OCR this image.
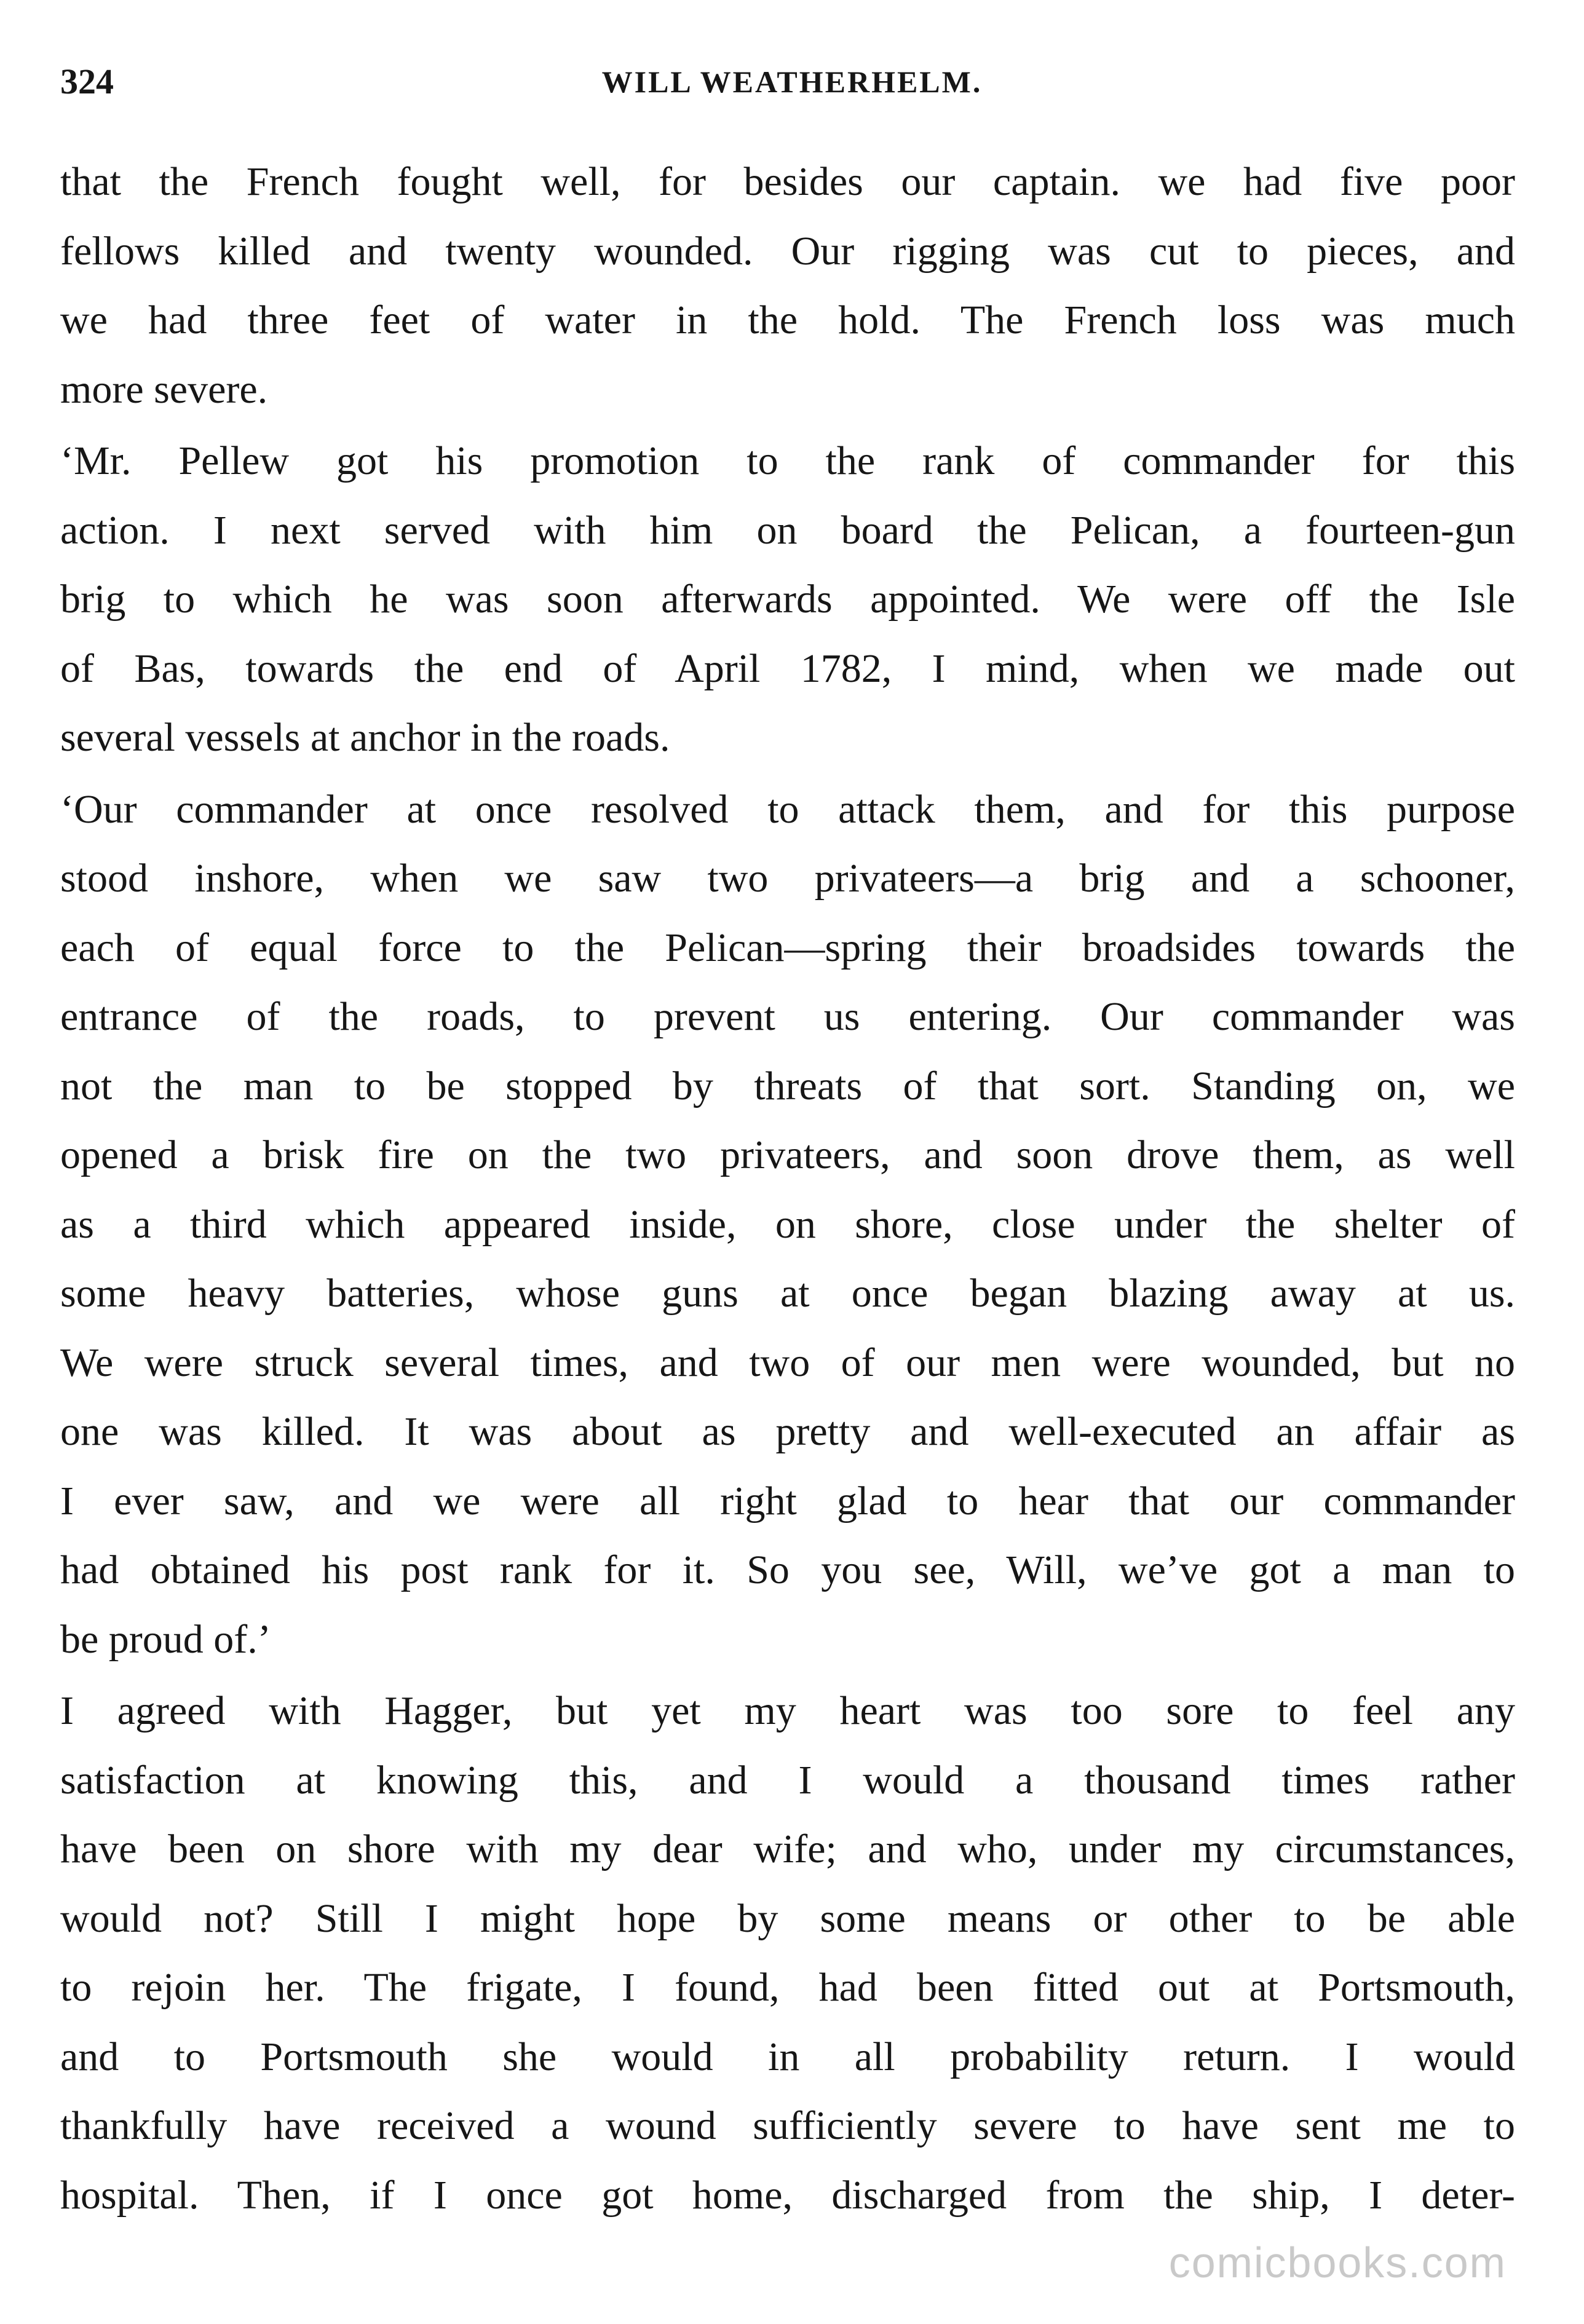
324	WILL WEATHERHELM.

that the French fought well, for besides our captain. we had five poor
fellows killed and twenty wounded. Our rigging was cut to pieces, and
we had three feet of water in the hold. The French loss was much
more severe.

‘Mr. Pellew got his promotion to the rank of commander for this
action. I next served with him on board the Pelican, a fourteen-gun
brig to which he was soon afterwards appointed. We were off the Isle
of Bas, towards the end of April 1782, I mind, when we made out
several vessels at anchor in the roads.

‘Our commander at once resolved to attack them, and for this purpose
stood inshore, when we saw two privateers—a brig and a schooner,
each of equal force to the Pelican—spring their broadsides towards the
entrance of the roads, to prevent us entering. Our commander was
not the man to be stopped by threats of that sort. Standing on, we
opened a brisk fire on the two privateers, and soon drove them, as well
as a third which appeared inside, on shore, close under the shelter of
some heavy batteries, whose guns at once began blazing away at us.
We were struck several times, and two of our men were wounded, but no
one was killed. It was about as pretty and well-executed an affair as
I ever saw, and we were all right glad to hear that our commander
had obtained his post rank for it. So you see, Will, we’ve got a man to
be proud of.’

I agreed with Hagger, but yet my heart was too sore to feel any
satisfaction at knowing this, and I would a thousand times rather
have been on shore with my dear wife; and who, under my circumstances,
would not? Still I might hope by some means or other to be able
to rejoin her. The frigate, I found, had been fitted out at Portsmouth,
and to Portsmouth she would in all probability return. I would
thankfully have received a wound sufficiently severe to have sent me to
hospital. Then, if I once got home, discharged from the ship, I deter-

comicbooks.com
